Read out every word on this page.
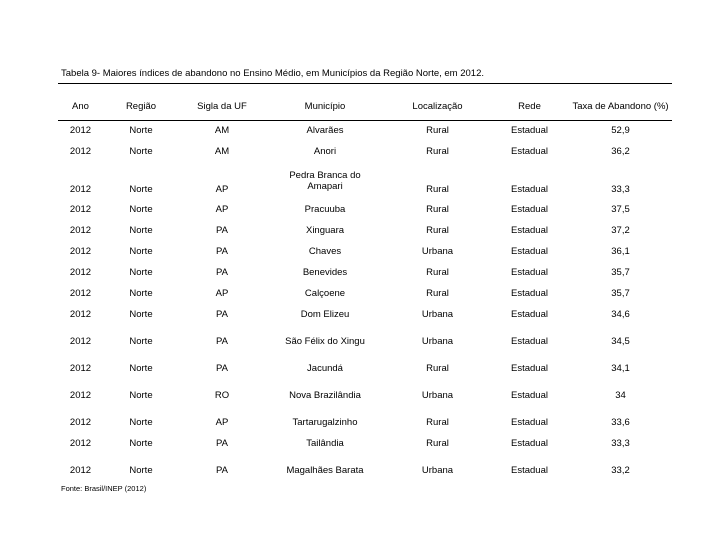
Tabela 9- Maiores índices de abandono no Ensino Médio, em Municípios da Região Norte, em 2012.
Ano	Região	Sigla da UF	Município	Localização	Rede	Taxa de Abandono (%)
2012	Norte	AM	Alvarães	Rural	Estadual	52,9
2012	Norte	AM	Anori	Rural	Estadual	36,2
2012	Norte	AP	Pedra Branca do Amapari	Rural	Estadual	33,3
2012	Norte	AP	Pracuuba	Rural	Estadual	37,5
2012	Norte	PA	Xinguara	Rural	Estadual	37,2
2012	Norte	PA	Chaves	Urbana	Estadual	36,1
2012	Norte	PA	Benevides	Rural	Estadual	35,7
2012	Norte	AP	Calçoene	Rural	Estadual	35,7
2012	Norte	PA	Dom Elizeu	Urbana	Estadual	34,6
2012	Norte	PA	São Félix do Xingu	Urbana	Estadual	34,5
2012	Norte	PA	Jacundá	Rural	Estadual	34,1
2012	Norte	RO	Nova Brazilândia	Urbana	Estadual	34
2012	Norte	AP	Tartarugalzinho	Rural	Estadual	33,6
2012	Norte	PA	Tailândia	Rural	Estadual	33,3
2012	Norte	PA	Magalhães Barata	Urbana	Estadual	33,2
Fonte: Brasil/INEP (2012)
